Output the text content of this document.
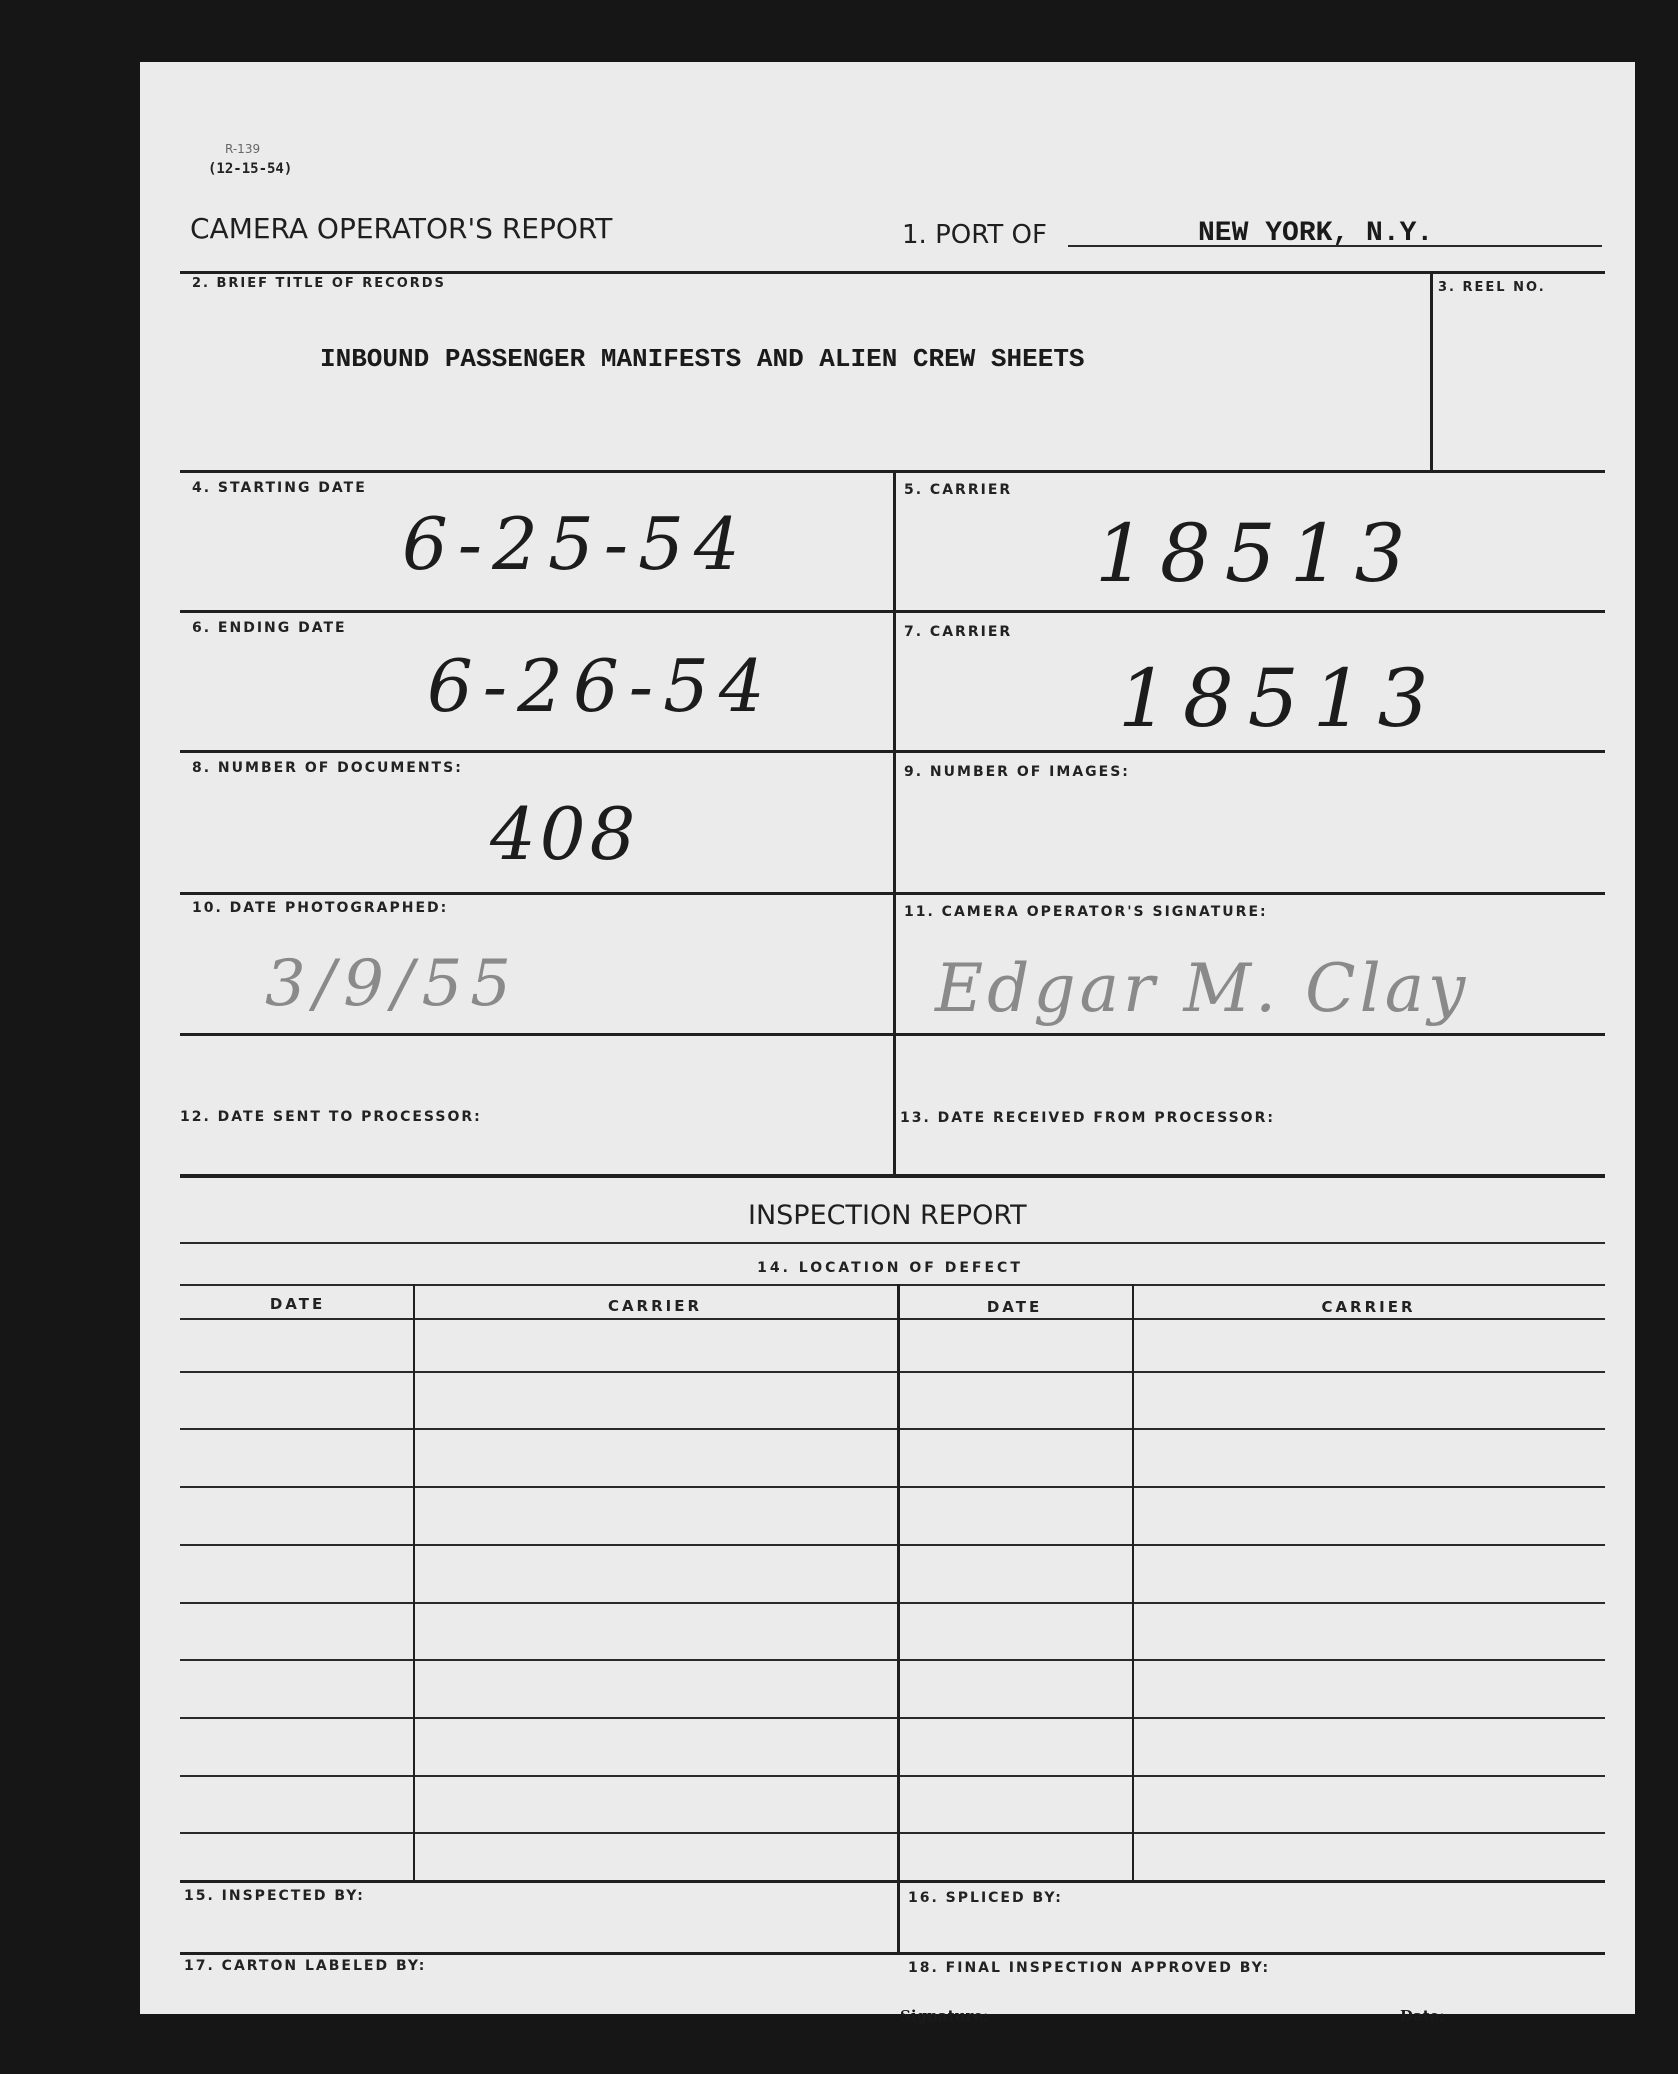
R-139
(12-15-54)
CAMERA OPERATOR'S REPORT	1. PORT OF	NEW YORK, N.Y.
2. BRIEF TITLE OF RECORDS
INBOUND PASSENGER MANIFESTS AND ALIEN CREW SHEETS
3. REEL NO.
4. STARTING DATE
6-25-54
5. CARRIER
18513
6. ENDING DATE
6-26-54
7. CARRIER
18513
8. NUMBER OF DOCUMENTS:
408
9. NUMBER OF IMAGES:
10. DATE PHOTOGRAPHED:
3/9/55
11. CAMERA OPERATOR'S SIGNATURE:
Edgar M. Clay
12. DATE SENT TO PROCESSOR:	13. DATE RECEIVED FROM PROCESSOR:
INSPECTION REPORT
14. LOCATION OF DEFECT
DATE	CARRIER	DATE	CARRIER
15. INSPECTED BY:	16. SPLICED BY:
17. CARTON LABELED BY:	18. FINAL INSPECTION APPROVED BY:
Signature:	Date:
